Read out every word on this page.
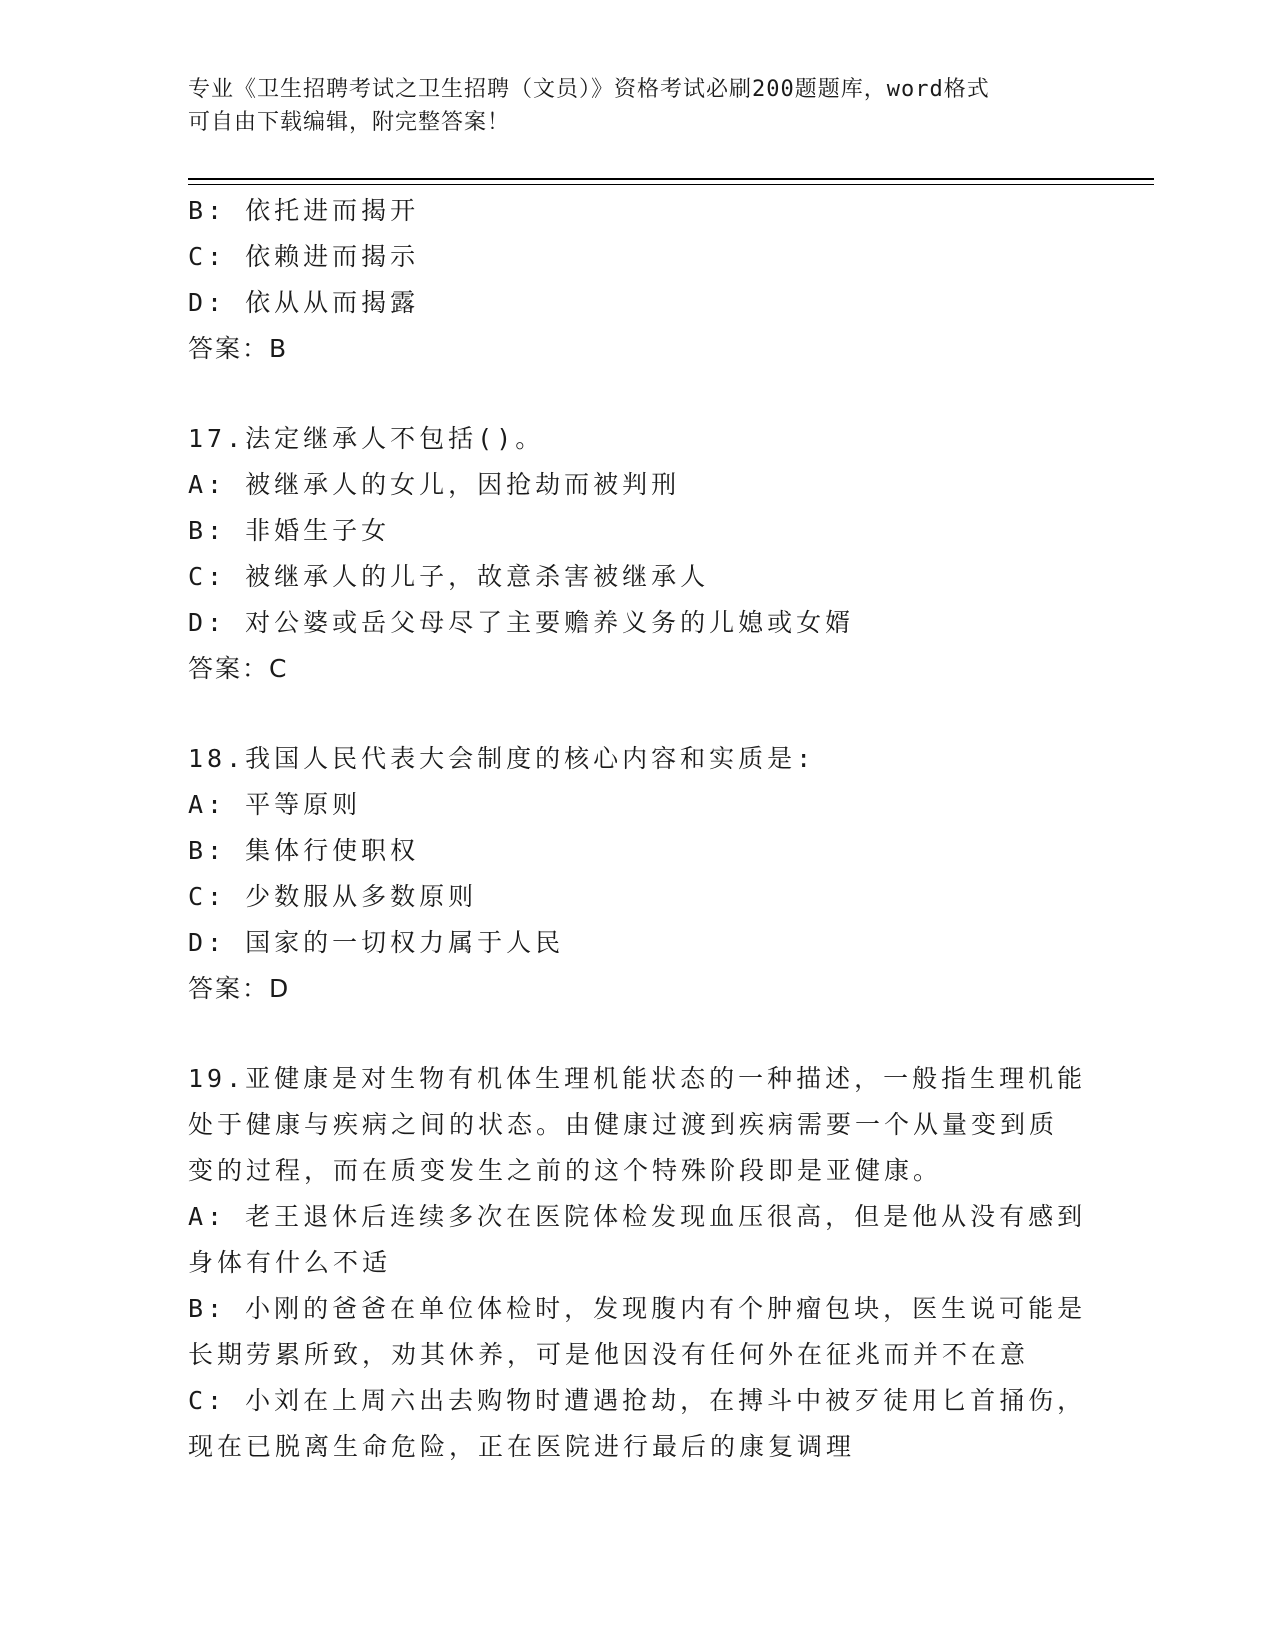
专业《卫生招聘考试之卫生招聘（文员）》资格考试必刷200题题库，word格式
可自由下载编辑，附完整答案！
B: 依托进而揭开
C: 依赖进而揭示
D: 依从从而揭露
答案：B
17.法定继承人不包括()。
A: 被继承人的女儿，因抢劫而被判刑
B: 非婚生子女
C: 被继承人的儿子，故意杀害被继承人
D: 对公婆或岳父母尽了主要赡养义务的儿媳或女婿
答案：C
18.我国人民代表大会制度的核心内容和实质是:
A: 平等原则
B: 集体行使职权
C: 少数服从多数原则
D: 国家的一切权力属于人民
答案：D
19.亚健康是对生物有机体生理机能状态的一种描述，一般指生理机能
处于健康与疾病之间的状态。由健康过渡到疾病需要一个从量变到质
变的过程，而在质变发生之前的这个特殊阶段即是亚健康。
A: 老王退休后连续多次在医院体检发现血压很高，但是他从没有感到
身体有什么不适
B: 小刚的爸爸在单位体检时，发现腹内有个肿瘤包块，医生说可能是
长期劳累所致，劝其休养，可是他因没有任何外在征兆而并不在意
C: 小刘在上周六出去购物时遭遇抢劫，在搏斗中被歹徒用匕首捅伤，
现在已脱离生命危险，正在医院进行最后的康复调理
